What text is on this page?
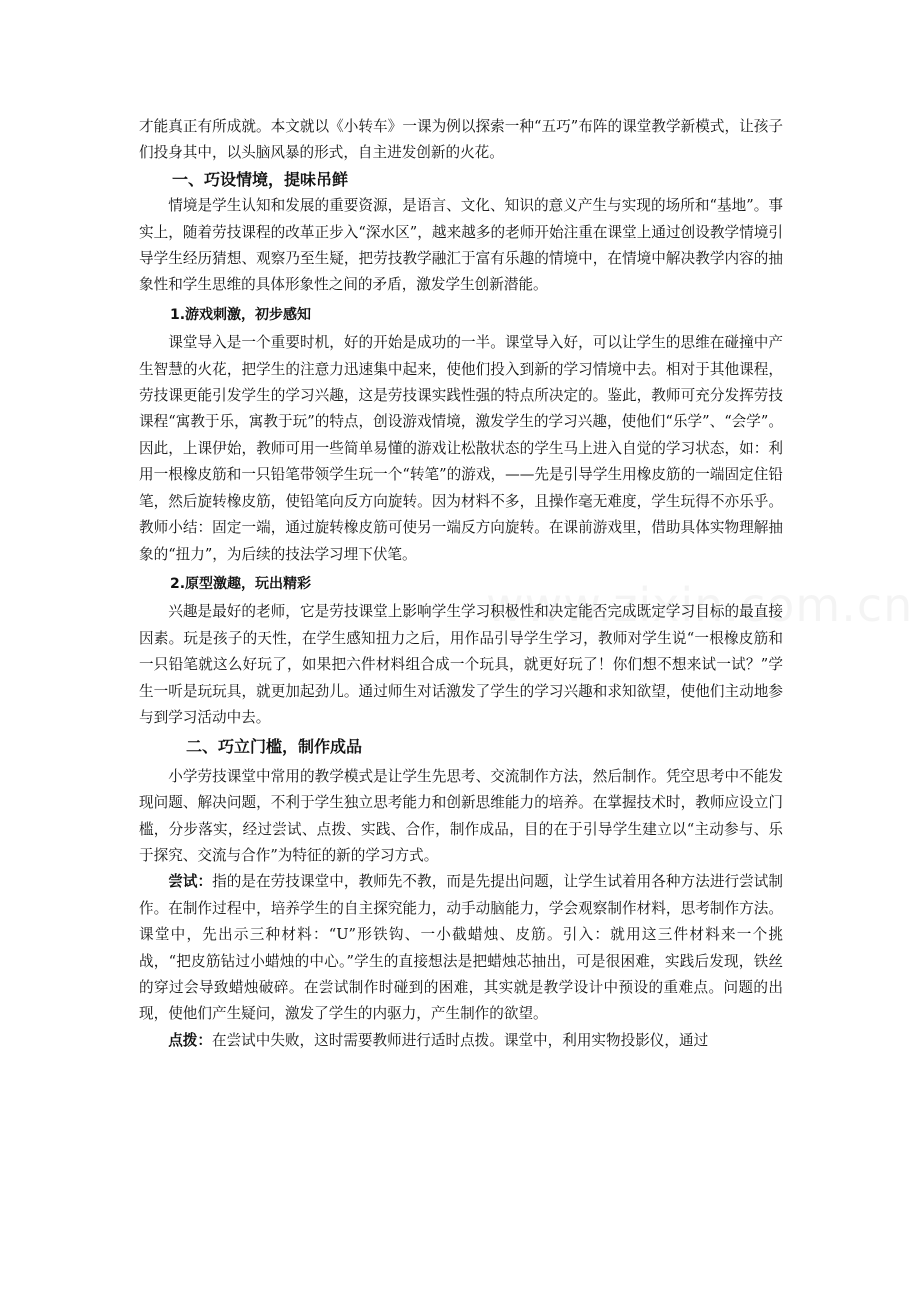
才能真正有所成就。本文就以《小转车》一课为例以探索一种“五巧”布阵的课堂教学新模式，让孩子们投身其中，以头脑风暴的形式，自主进发创新的火花。

一、巧设情境，提味吊鲜

情境是学生认知和发展的重要资源，是语言、文化、知识的意义产生与实现的场所和“基地”。事实上，随着劳技课程的改革正步入“深水区”，越来越多的老师开始注重在课堂上通过创设教学情境引导学生经历猜想、观察乃至生疑，把劳技教学融汇于富有乐趣的情境中，在情境中解决教学内容的抽象性和学生思维的具体形象性之间的矛盾，激发学生创新潜能。

1.游戏刺激，初步感知

课堂导入是一个重要时机，好的开始是成功的一半。课堂导入好，可以让学生的思维在碰撞中产生智慧的火花，把学生的注意力迅速集中起来，使他们投入到新的学习情境中去。相对于其他课程，劳技课更能引发学生的学习兴趣，这是劳技课实践性强的特点所决定的。鉴此，教师可充分发挥劳技课程“寓教于乐，寓教于玩”的特点，创设游戏情境，激发学生的学习兴趣，使他们“乐学”、“会学”。因此，上课伊始，教师可用一些简单易懂的游戏让松散状态的学生马上进入自觉的学习状态，如：利用一根橡皮筋和一只铅笔带领学生玩一个“转笔”的游戏，——先是引导学生用橡皮筋的一端固定住铅笔，然后旋转橡皮筋，使铅笔向反方向旋转。因为材料不多，且操作毫无难度，学生玩得不亦乐乎。教师小结：固定一端，通过旋转橡皮筋可使另一端反方向旋转。在课前游戏里，借助具体实物理解抽象的“扭力”，为后续的技法学习埋下伏笔。

2.原型激趣，玩出精彩

兴趣是最好的老师，它是劳技课堂上影响学生学习积极性和决定能否完成既定学习目标的最直接因素。玩是孩子的天性，在学生感知扭力之后，用作品引导学生学习，教师对学生说“一根橡皮筋和一只铅笔就这么好玩了，如果把六件材料组合成一个玩具，就更好玩了！你们想不想来试一试？”学生一听是玩玩具，就更加起劲儿。通过师生对话激发了学生的学习兴趣和求知欲望，使他们主动地参与到学习活动中去。

二、巧立门槛，制作成品

小学劳技课堂中常用的教学模式是让学生先思考、交流制作方法，然后制作。凭空思考中不能发现问题、解决问题，不利于学生独立思考能力和创新思维能力的培养。在掌握技术时，教师应设立门槛，分步落实，经过尝试、点拨、实践、合作，制作成品，目的在于引导学生建立以“主动参与、乐于探究、交流与合作”为特征的新的学习方式。

尝试：指的是在劳技课堂中，教师先不教，而是先提出问题，让学生试着用各种方法进行尝试制作。在制作过程中，培养学生的自主探究能力，动手动脑能力，学会观察制作材料，思考制作方法。课堂中，先出示三种材料：“U”形铁钩、一小截蜡烛、皮筋。引入：就用这三件材料来一个挑战，“把皮筋钻过小蜡烛的中心。”学生的直接想法是把蜡烛芯抽出，可是很困难，实践后发现，铁丝的穿过会导致蜡烛破碎。在尝试制作时碰到的困难，其实就是教学设计中预设的重难点。问题的出现，使他们产生疑问，激发了学生的内驱力，产生制作的欲望。

点拨：在尝试中失败，这时需要教师进行适时点拨。课堂中，利用实物投影仪，通过
